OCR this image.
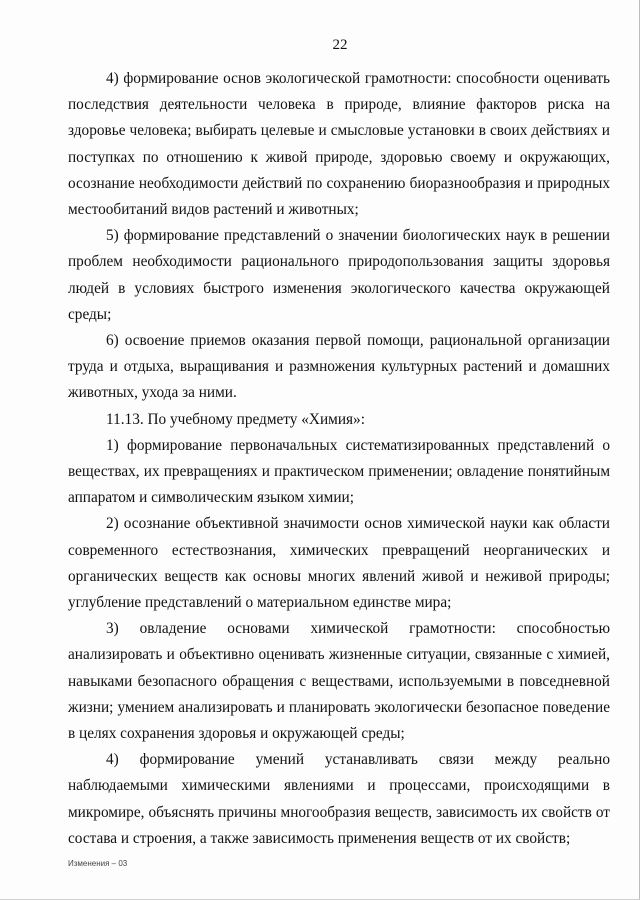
22

4) формирование основ экологической грамотности: способности оценивать последствия деятельности человека в природе, влияние факторов риска на здоровье человека; выбирать целевые и смысловые установки в своих действиях и поступках по отношению к живой природе, здоровью своему и окружающих, осознание необходимости действий по сохранению биоразнообразия и природных местообитаний видов растений и животных;

5) формирование представлений о значении биологических наук в решении проблем необходимости рационального природопользования защиты здоровья людей в условиях быстрого изменения экологического качества окружающей среды;

6) освоение приемов оказания первой помощи, рациональной организации труда и отдыха, выращивания и размножения культурных растений и домашних животных, ухода за ними.

11.13. По учебному предмету «Химия»:

1) формирование первоначальных систематизированных представлений о веществах, их превращениях и практическом применении; овладение понятийным аппаратом и символическим языком химии;

2) осознание объективной значимости основ химической науки как области современного естествознания, химических превращений неорганических и органических веществ как основы многих явлений живой и неживой природы; углубление представлений о материальном единстве мира;

3) овладение основами химической грамотности: способностью анализировать и объективно оценивать жизненные ситуации, связанные с химией, навыками безопасного обращения с веществами, используемыми в повседневной жизни; умением анализировать и планировать экологически безопасное поведение в целях сохранения здоровья и окружающей среды;

4) формирование умений устанавливать связи между реально наблюдаемыми химическими явлениями и процессами, происходящими в микромире, объяснять причины многообразия веществ, зависимость их свойств от состава и строения, а также зависимость применения веществ от их свойств;

Изменения – 03
